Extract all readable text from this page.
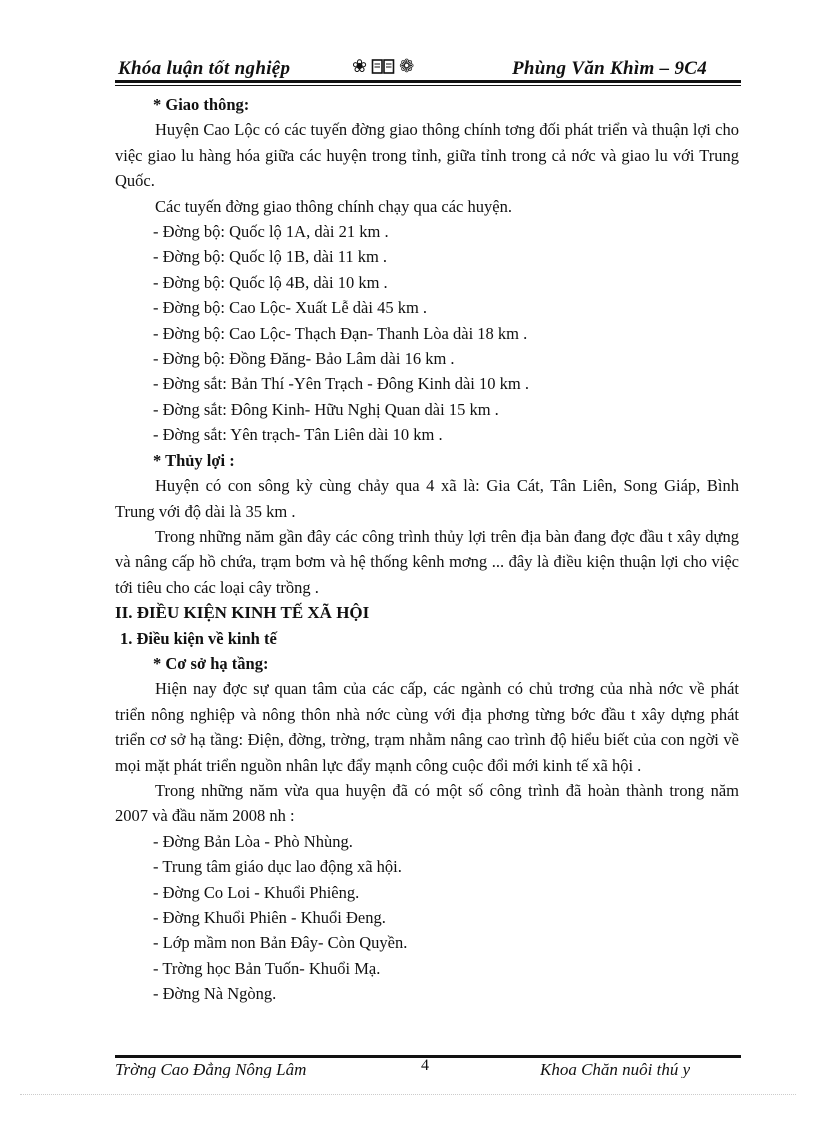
Khóa luận tốt nghiệp	❀ ❁	Phùng Văn Khìm – 9C4

* Giao thông:

Huyện Cao Lộc có các tuyến đờng giao thông chính tơng đối phát triển và thuận lợi cho việc giao lu hàng hóa giữa các huyện trong tỉnh, giữa tỉnh trong cả nớc và giao lu với Trung Quốc.

Các tuyến đờng giao thông chính chạy qua các huyện.

- Đờng bộ: Quốc lộ 1A, dài 21 km .

- Đờng bộ: Quốc lộ 1B, dài 11 km .

- Đờng bộ: Quốc lộ 4B, dài 10 km .

- Đờng bộ: Cao Lộc- Xuất Lễ dài 45 km .

- Đờng bộ: Cao Lộc- Thạch Đạn- Thanh Lòa dài 18 km .

- Đờng bộ: Đồng Đăng- Bảo Lâm dài 16 km .

- Đờng sắt: Bản Thí -Yên Trạch - Đông Kinh dài 10 km .

- Đờng sắt: Đông Kinh- Hữu Nghị Quan dài 15 km .

- Đờng sắt: Yên trạch- Tân Liên dài 10 km .

* Thủy lợi :

Huyện có con sông kỳ cùng chảy qua 4 xã là: Gia Cát, Tân Liên, Song Giáp, Bình Trung với độ dài là 35 km .

Trong những năm gần đây các công trình thủy lợi trên địa bàn đang đợc đầu t xây dựng và nâng cấp hồ chứa, trạm bơm và hệ thống kênh mơng ... đây là điều kiện thuận lợi cho việc tới tiêu cho các loại cây trồng .

II. ĐIỀU KIỆN KINH TẾ XÃ HỘI

1. Điều kiện về kinh tế

* Cơ sở hạ tầng:

Hiện nay đợc sự quan tâm của các cấp, các ngành có chủ trơng của nhà nớc về phát triển nông nghiệp và nông thôn nhà nớc cùng với địa phơng từng bớc đầu t xây dựng phát triển cơ sở hạ tầng: Điện, đờng, trờng, trạm nhằm nâng cao trình độ hiểu biết của con ngời về mọi mặt phát triển nguồn nhân lực đẩy mạnh công cuộc đổi mới kinh tế xã hội .

Trong những năm vừa qua huyện đã có một số công trình đã hoàn thành trong năm 2007 và đầu năm 2008 nh :

- Đờng Bản Lòa - Phò Nhùng.

- Trung tâm giáo dục lao động xã hội.

- Đờng Co Loi - Khuổi Phiêng.

- Đờng Khuổi Phiên - Khuổi Đeng.

- Lớp mầm non Bản Đây- Còn Quyền.

- Trờng học Bản Tuốn- Khuổi Mạ.

- Đờng Nà Ngòng.

Trờng Cao Đẳng Nông Lâm	4	Khoa Chăn nuôi thú y
